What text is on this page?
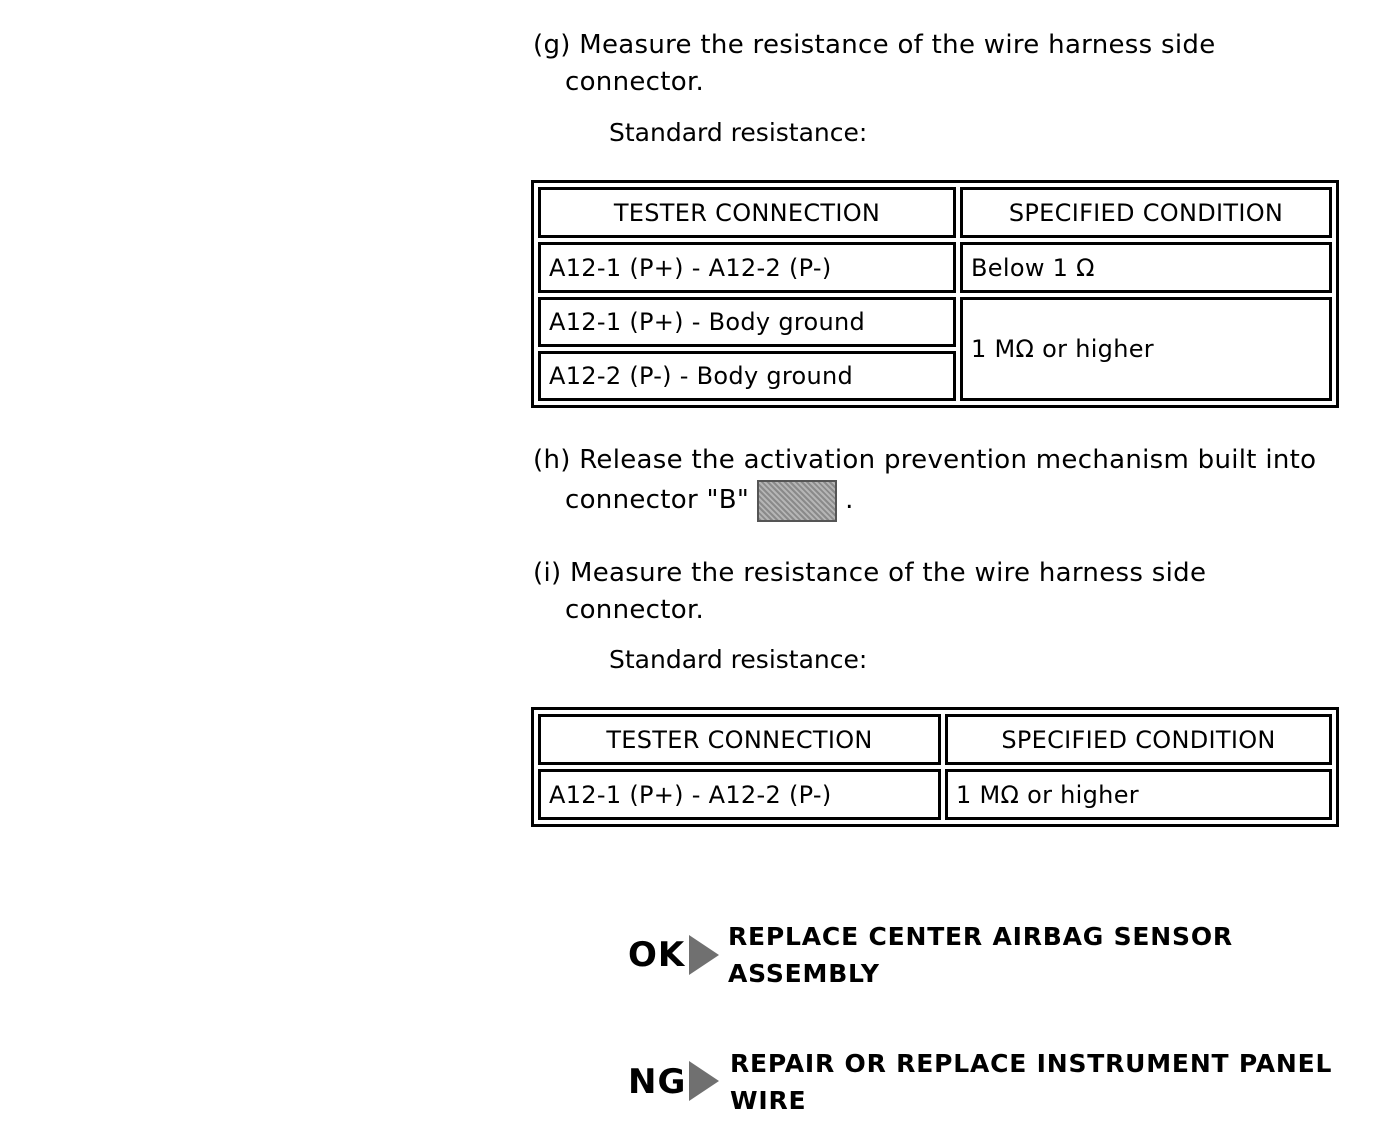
(g) Measure the resistance of the wire harness side
connector.
Standard resistance:
TESTER CONNECTION	SPECIFIED CONDITION
A12-1 (P+) - A12-2 (P-)	Below 1 Ω
A12-1 (P+) - Body ground	1 MΩ or higher
A12-2 (P-) - Body ground	
(h) Release the activation prevention mechanism built into
connector "B"	.
(i) Measure the resistance of the wire harness side
connector.
Standard resistance:
TESTER CONNECTION	SPECIFIED CONDITION
A12-1 (P+) - A12-2 (P-)	1 MΩ or higher
OK REPLACE CENTER AIRBAG SENSOR
ASSEMBLY
NG REPAIR OR REPLACE INSTRUMENT PANEL
WIRE
